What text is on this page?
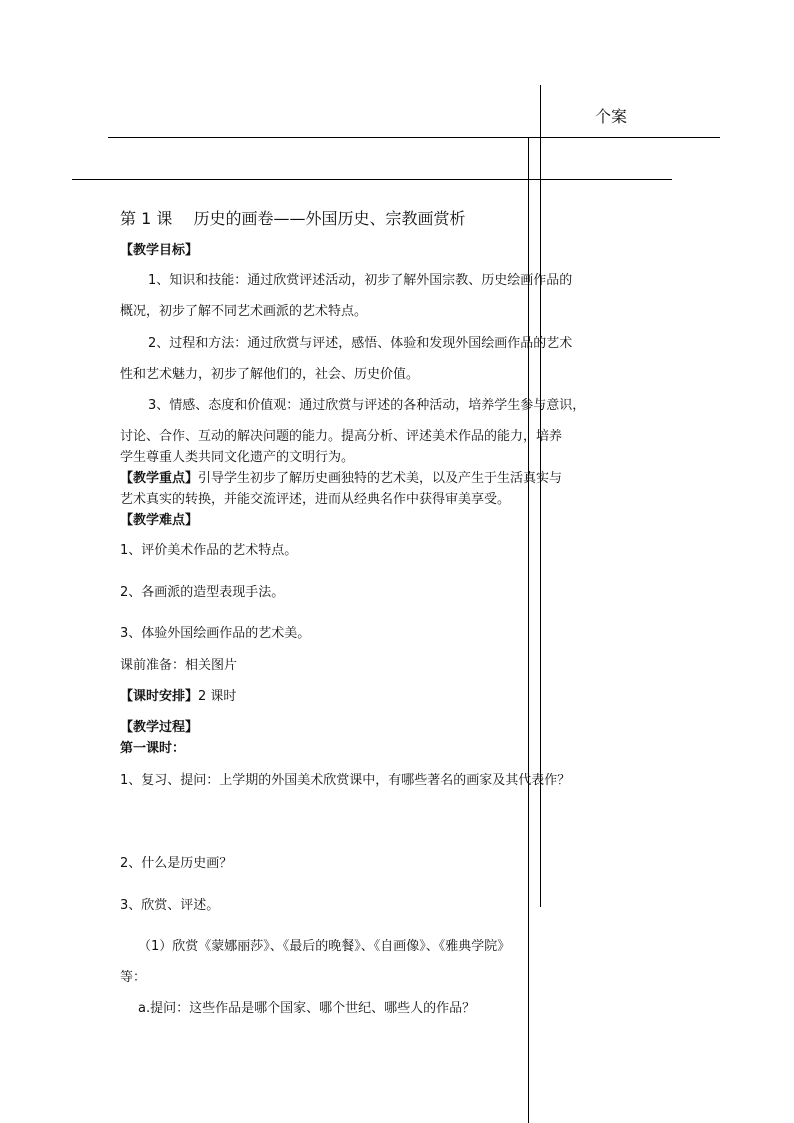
个案
第 1 课　 历史的画卷——外国历史、宗教画赏析
【教学目标】
1、知识和技能：通过欣赏评述活动，初步了解外国宗教、历史绘画作品的
概况，初步了解不同艺术画派的艺术特点。
2、过程和方法：通过欣赏与评述，感悟、体验和发现外国绘画作品的艺术
性和艺术魅力，初步了解他们的，社会、历史价值。
3、情感、态度和价值观：通过欣赏与评述的各种活动，培养学生参与意识，
讨论、合作、互动的解决问题的能力。提高分析、评述美术作品的能力，培养
学生尊重人类共同文化遗产的文明行为。
【教学重点】引导学生初步了解历史画独特的艺术美，以及产生于生活真实与
艺术真实的转换，并能交流评述，进而从经典名作中获得审美享受。
【教学难点】
1、评价美术作品的艺术特点。
2、各画派的造型表现手法。
3、体验外国绘画作品的艺术美。
课前准备：相关图片
【课时安排】2 课时
【教学过程】
第一课时：
1、复习、提问：上学期的外国美术欣赏课中，有哪些著名的画家及其代表作？
2、什么是历史画？
3、欣赏、评述。
（1）欣赏《蒙娜丽莎》、《最后的晚餐》、《自画像》、《雅典学院》
等：
a.提问：这些作品是哪个国家、哪个世纪、哪些人的作品？
